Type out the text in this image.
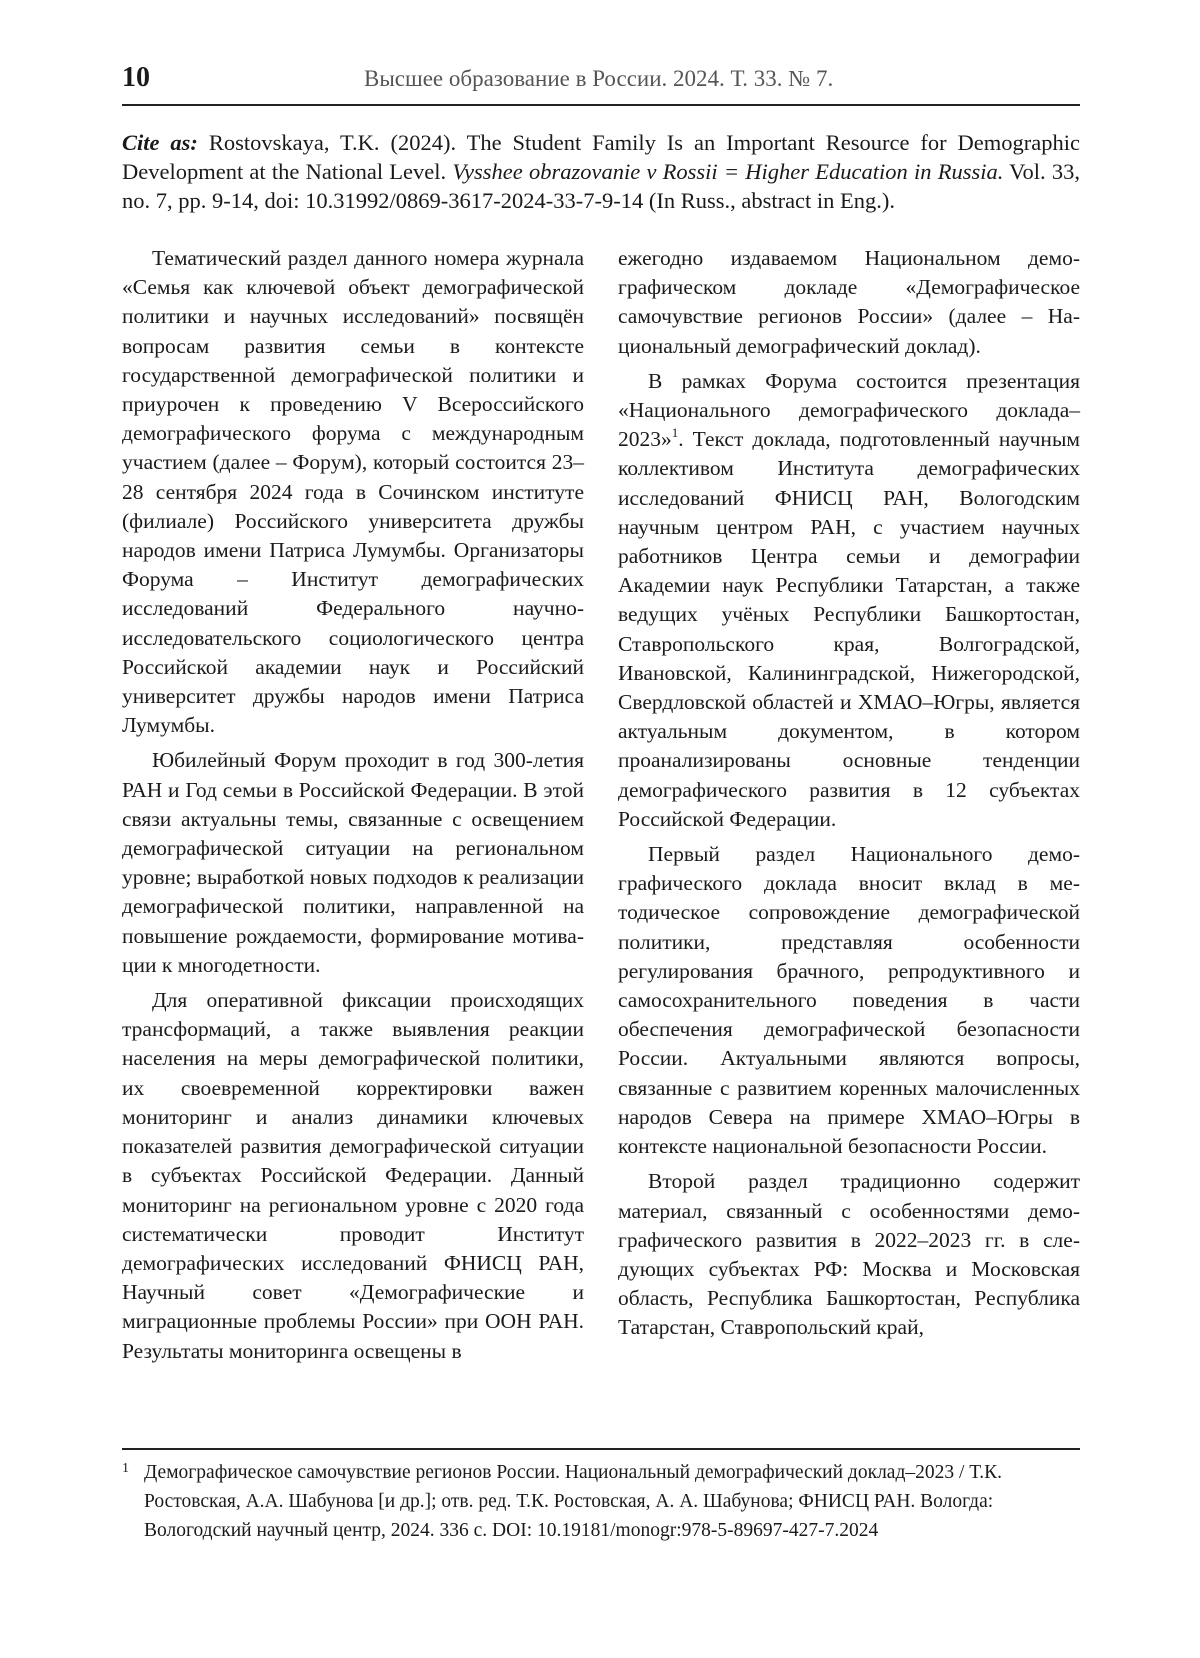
10	Высшее образование в России. 2024. Т. 33. № 7.

Cite as: Rostovskaya, T.K. (2024). The Student Family Is an Important Resource for Demographic Development at the National Level. Vysshee obrazovanie v Rossii = Higher Education in Russia. Vol. 33, no. 7, pp. 9-14, doi: 10.31992/0869-3617-2024-33-7-9-14 (In Russ., abstract in Eng.).

Тематический раздел данного номера журнала «Семья как ключевой объект демографической политики и научных исследований» посвящён вопросам развития семьи в контексте государственной демографической политики и приурочен к проведению V Всероссийского демографического форума с международным участием (далее – Форум), который состоится 23–28 сентября 2024 года в Сочинском институте (филиале) Российского университета дружбы народов имени Патриса Лумумбы. Организаторы Форума – Институт демографических исследований Федерального научно-исследовательского социологического центра Российской академии наук и Российский университет дружбы народов имени Патриса Лумумбы.

Юбилейный Форум проходит в год 300-летия РАН и Год семьи в Российской Федерации. В этой связи актуальны темы, связанные с освещением демографической ситуации на региональном уровне; выработкой новых подходов к реализации демографической политики, направленной на повышение рождаемости, формирование мотивации к многодетности.

Для оперативной фиксации происходящих трансформаций, а также выявления реакции населения на меры демографической политики, их своевременной корректировки важен мониторинг и анализ динамики ключевых показателей развития демографической ситуации в субъектах Российской Федерации. Данный мониторинг на региональном уровне с 2020 года систематически проводит Институт демографических исследований ФНИСЦ РАН, Научный совет «Демографические и миграционные проблемы России» при ООН РАН. Результаты мониторинга освещены в

ежегодно издаваемом Национальном демографическом докладе «Демографическое самочувствие регионов России» (далее – Национальный демографический доклад).

В рамках Форума состоится презентация «Национального демографического доклада–2023»$^1$. Текст доклада, подготовленный научным коллективом Института демографических исследований ФНИСЦ РАН, Вологодским научным центром РАН, с участием научных работников Центра семьи и демографии Академии наук Республики Татарстан, а также ведущих учёных Республики Башкортостан, Ставропольского края, Волгоградской, Ивановской, Калининградской, Нижегородской, Свердловской областей и ХМАО–Югры, является актуальным документом, в котором проанализированы основные тенденции демографического развития в 12 субъектах Российской Федерации.

Первый раздел Национального демографического доклада вносит вклад в методическое сопровождение демографической политики, представляя особенности регулирования брачного, репродуктивного и самосохранительного поведения в части обеспечения демографической безопасности России. Актуальными являются вопросы, связанные с развитием коренных малочисленных народов Севера на примере ХМАО–Югры в контексте национальной безопасности России.

Второй раздел традиционно содержит материал, связанный с особенностями демографического развития в 2022–2023 гг. в следующих субъектах РФ: Москва и Московская область, Республика Башкортостан, Республика Татарстан, Ставропольский край,

1 Демографическое самочувствие регионов России. Национальный демографический доклад–2023 / Т.К. Ростовская, А.А. Шабунова [и др.]; отв. ред. Т.К. Ростовская, А. А. Шабунова; ФНИСЦ РАН. Вологда: Вологодский научный центр, 2024. 336 с. DOI: 10.19181/monogr:978-5-89697-427-7.2024
